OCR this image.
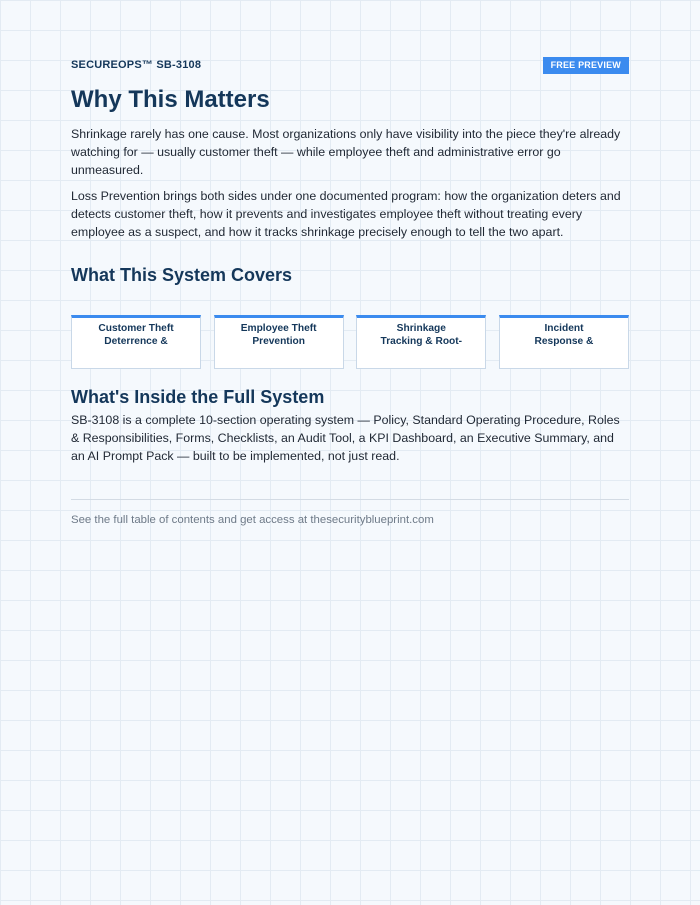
SECUREOPS™ SB-3108	FREE PREVIEW
Why This Matters

Shrinkage rarely has one cause. Most organizations only have visibility into the piece they're already watching for — usually customer theft — while employee theft and administrative error go unmeasured.

Loss Prevention brings both sides under one documented program: how the organization deters and detects customer theft, how it prevents and investigates employee theft without treating every employee as a suspect, and how it tracks shrinkage precisely enough to tell the two apart.

What This System Covers
Customer Theft
Deterrence &
Employee Theft
Prevention
Shrinkage
Tracking & Root-
Incident
Response &
What's Inside the Full System

SB-3108 is a complete 10-section operating system — Policy, Standard Operating Procedure, Roles & Responsibilities, Forms, Checklists, an Audit Tool, a KPI Dashboard, an Executive Summary, and an AI Prompt Pack — built to be implemented, not just read.

See the full table of contents and get access at thesecurityblueprint.com
